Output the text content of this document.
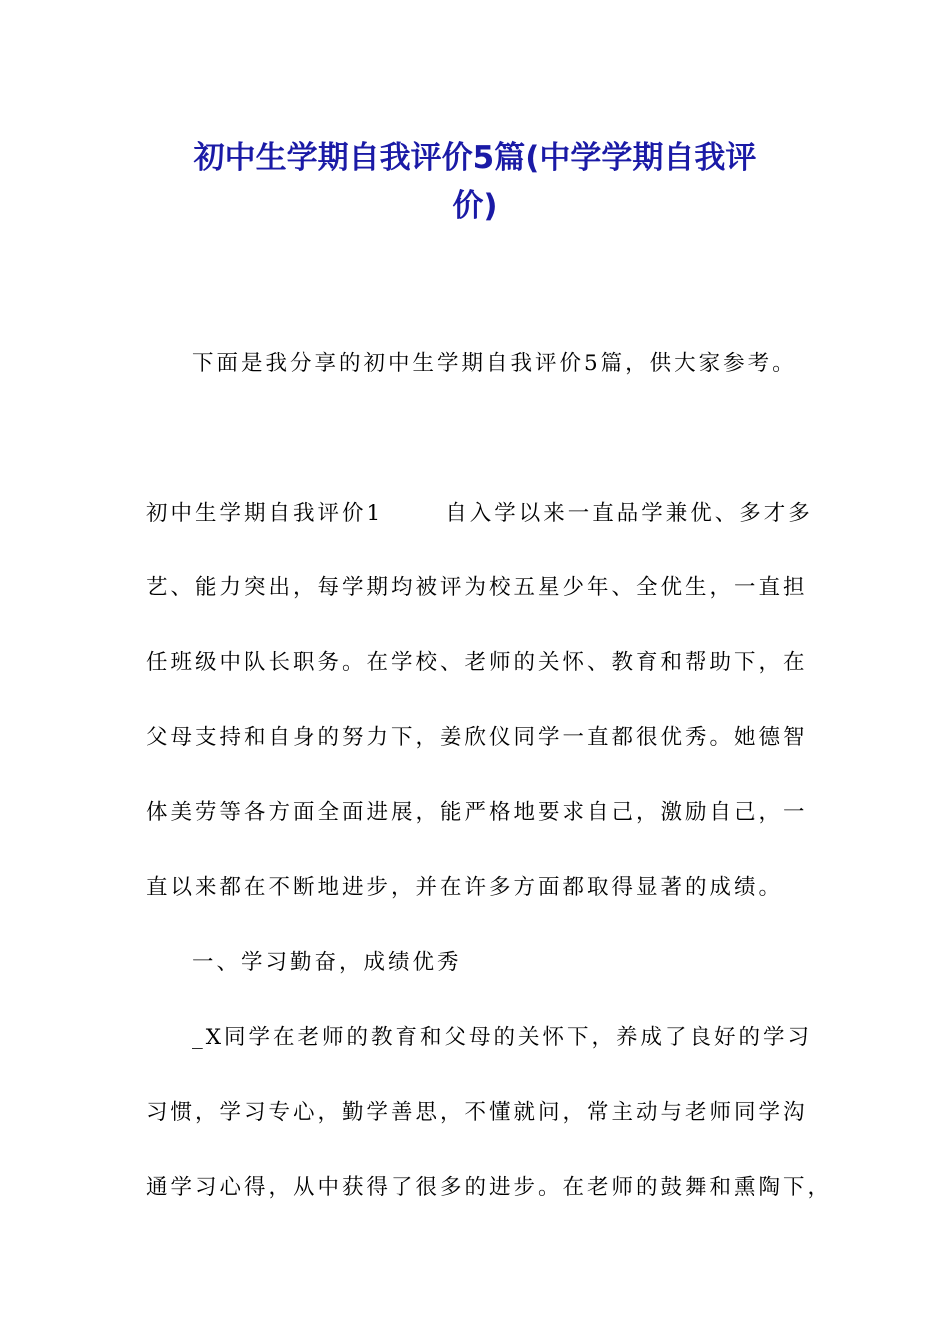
初中生学期自我评价5篇(中学学期自我评
价)
下面是我分享的初中生学期自我评价5篇，供大家参考。
初中生学期自我评价1	自入学以来一直品学兼优、多才多
艺、能力突出，每学期均被评为校五星少年、全优生，一直担
任班级中队长职务。在学校、老师的关怀、教育和帮助下，在
父母支持和自身的努力下，姜欣仪同学一直都很优秀。她德智
体美劳等各方面全面进展，能严格地要求自己，激励自己，一
直以来都在不断地进步，并在许多方面都取得显著的成绩。
一、学习勤奋，成绩优秀
_X同学在老师的教育和父母的关怀下，养成了良好的学习
习惯，学习专心，勤学善思，不懂就问，常主动与老师同学沟
通学习心得，从中获得了很多的进步。在老师的鼓舞和熏陶下，
